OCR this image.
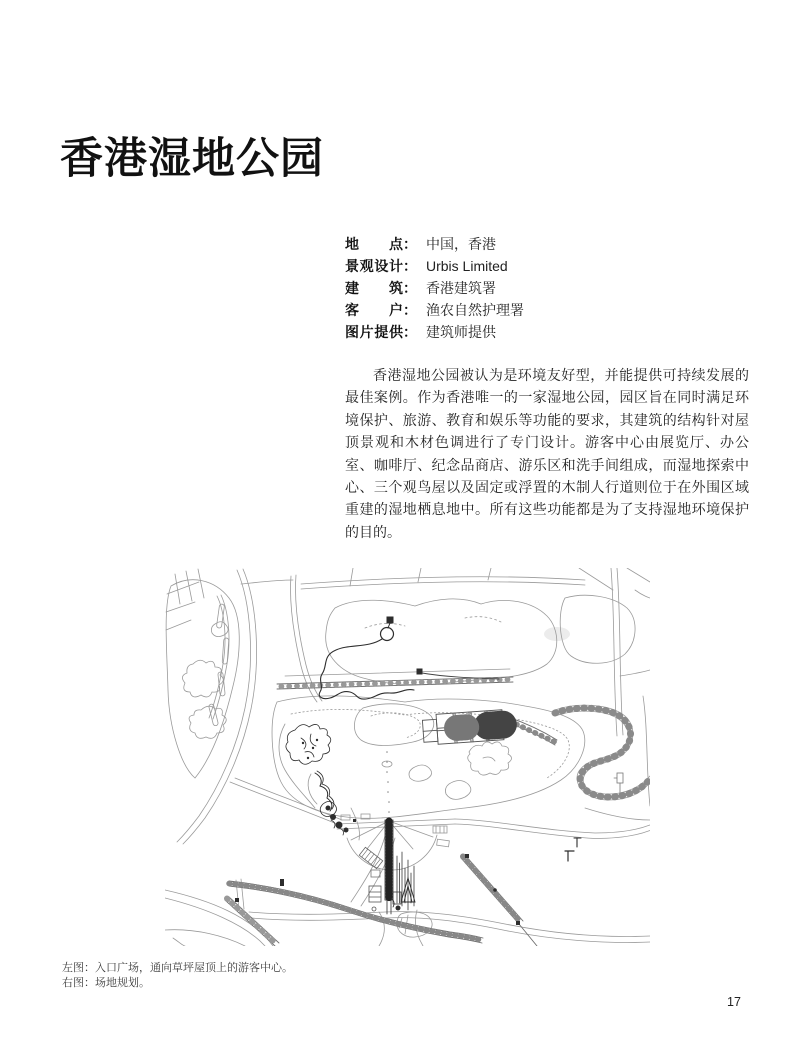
香港湿地公园
地点 ： 中国，香港
景观设计 ： Urbis Limited
建筑 ： 香港建筑署
客户 ： 渔农自然护理署
图片提供 ： 建筑师提供

香港湿地公园被认为是环境友好型，并能提供可持续发展的最佳案例。作为香港唯一的一家湿地公园，园区旨在同时满足环境保护、旅游、教育和娱乐等功能的要求，其建筑的结构针对屋顶景观和木材色调进行了专门设计。游客中心由展览厅、办公室、咖啡厅、纪念品商店、游乐区和洗手间组成，而湿地探索中心、三个观鸟屋以及固定或浮置的木制人行道则位于在外围区域重建的湿地栖息地中。所有这些功能都是为了支持湿地环境保护的目的。

左图：入口广场，通向草坪屋顶上的游客中心。
右图：场地规划。
17
